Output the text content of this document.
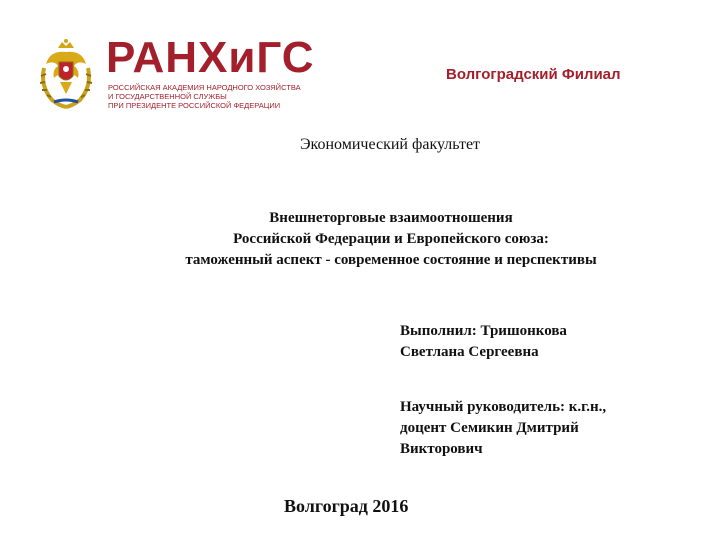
РАНХиГС
РОССИЙСКАЯ АКАДЕМИЯ НАРОДНОГО ХОЗЯЙСТВА
И ГОСУДАРСТВЕННОЙ СЛУЖБЫ
ПРИ ПРЕЗИДЕНТЕ РОССИЙСКОЙ ФЕДЕРАЦИИ
Волгоградский Филиал
Экономический факультет
Внешнеторговые взаимоотношения
Российской Федерации и Европейского союза:
таможенный аспект - современное состояние и перспективы
Выполнил: Тришонкова
Светлана Сергеевна
Научный руководитель: к.г.н.,
доцент Семикин Дмитрий
Викторович
Волгоград 2016
